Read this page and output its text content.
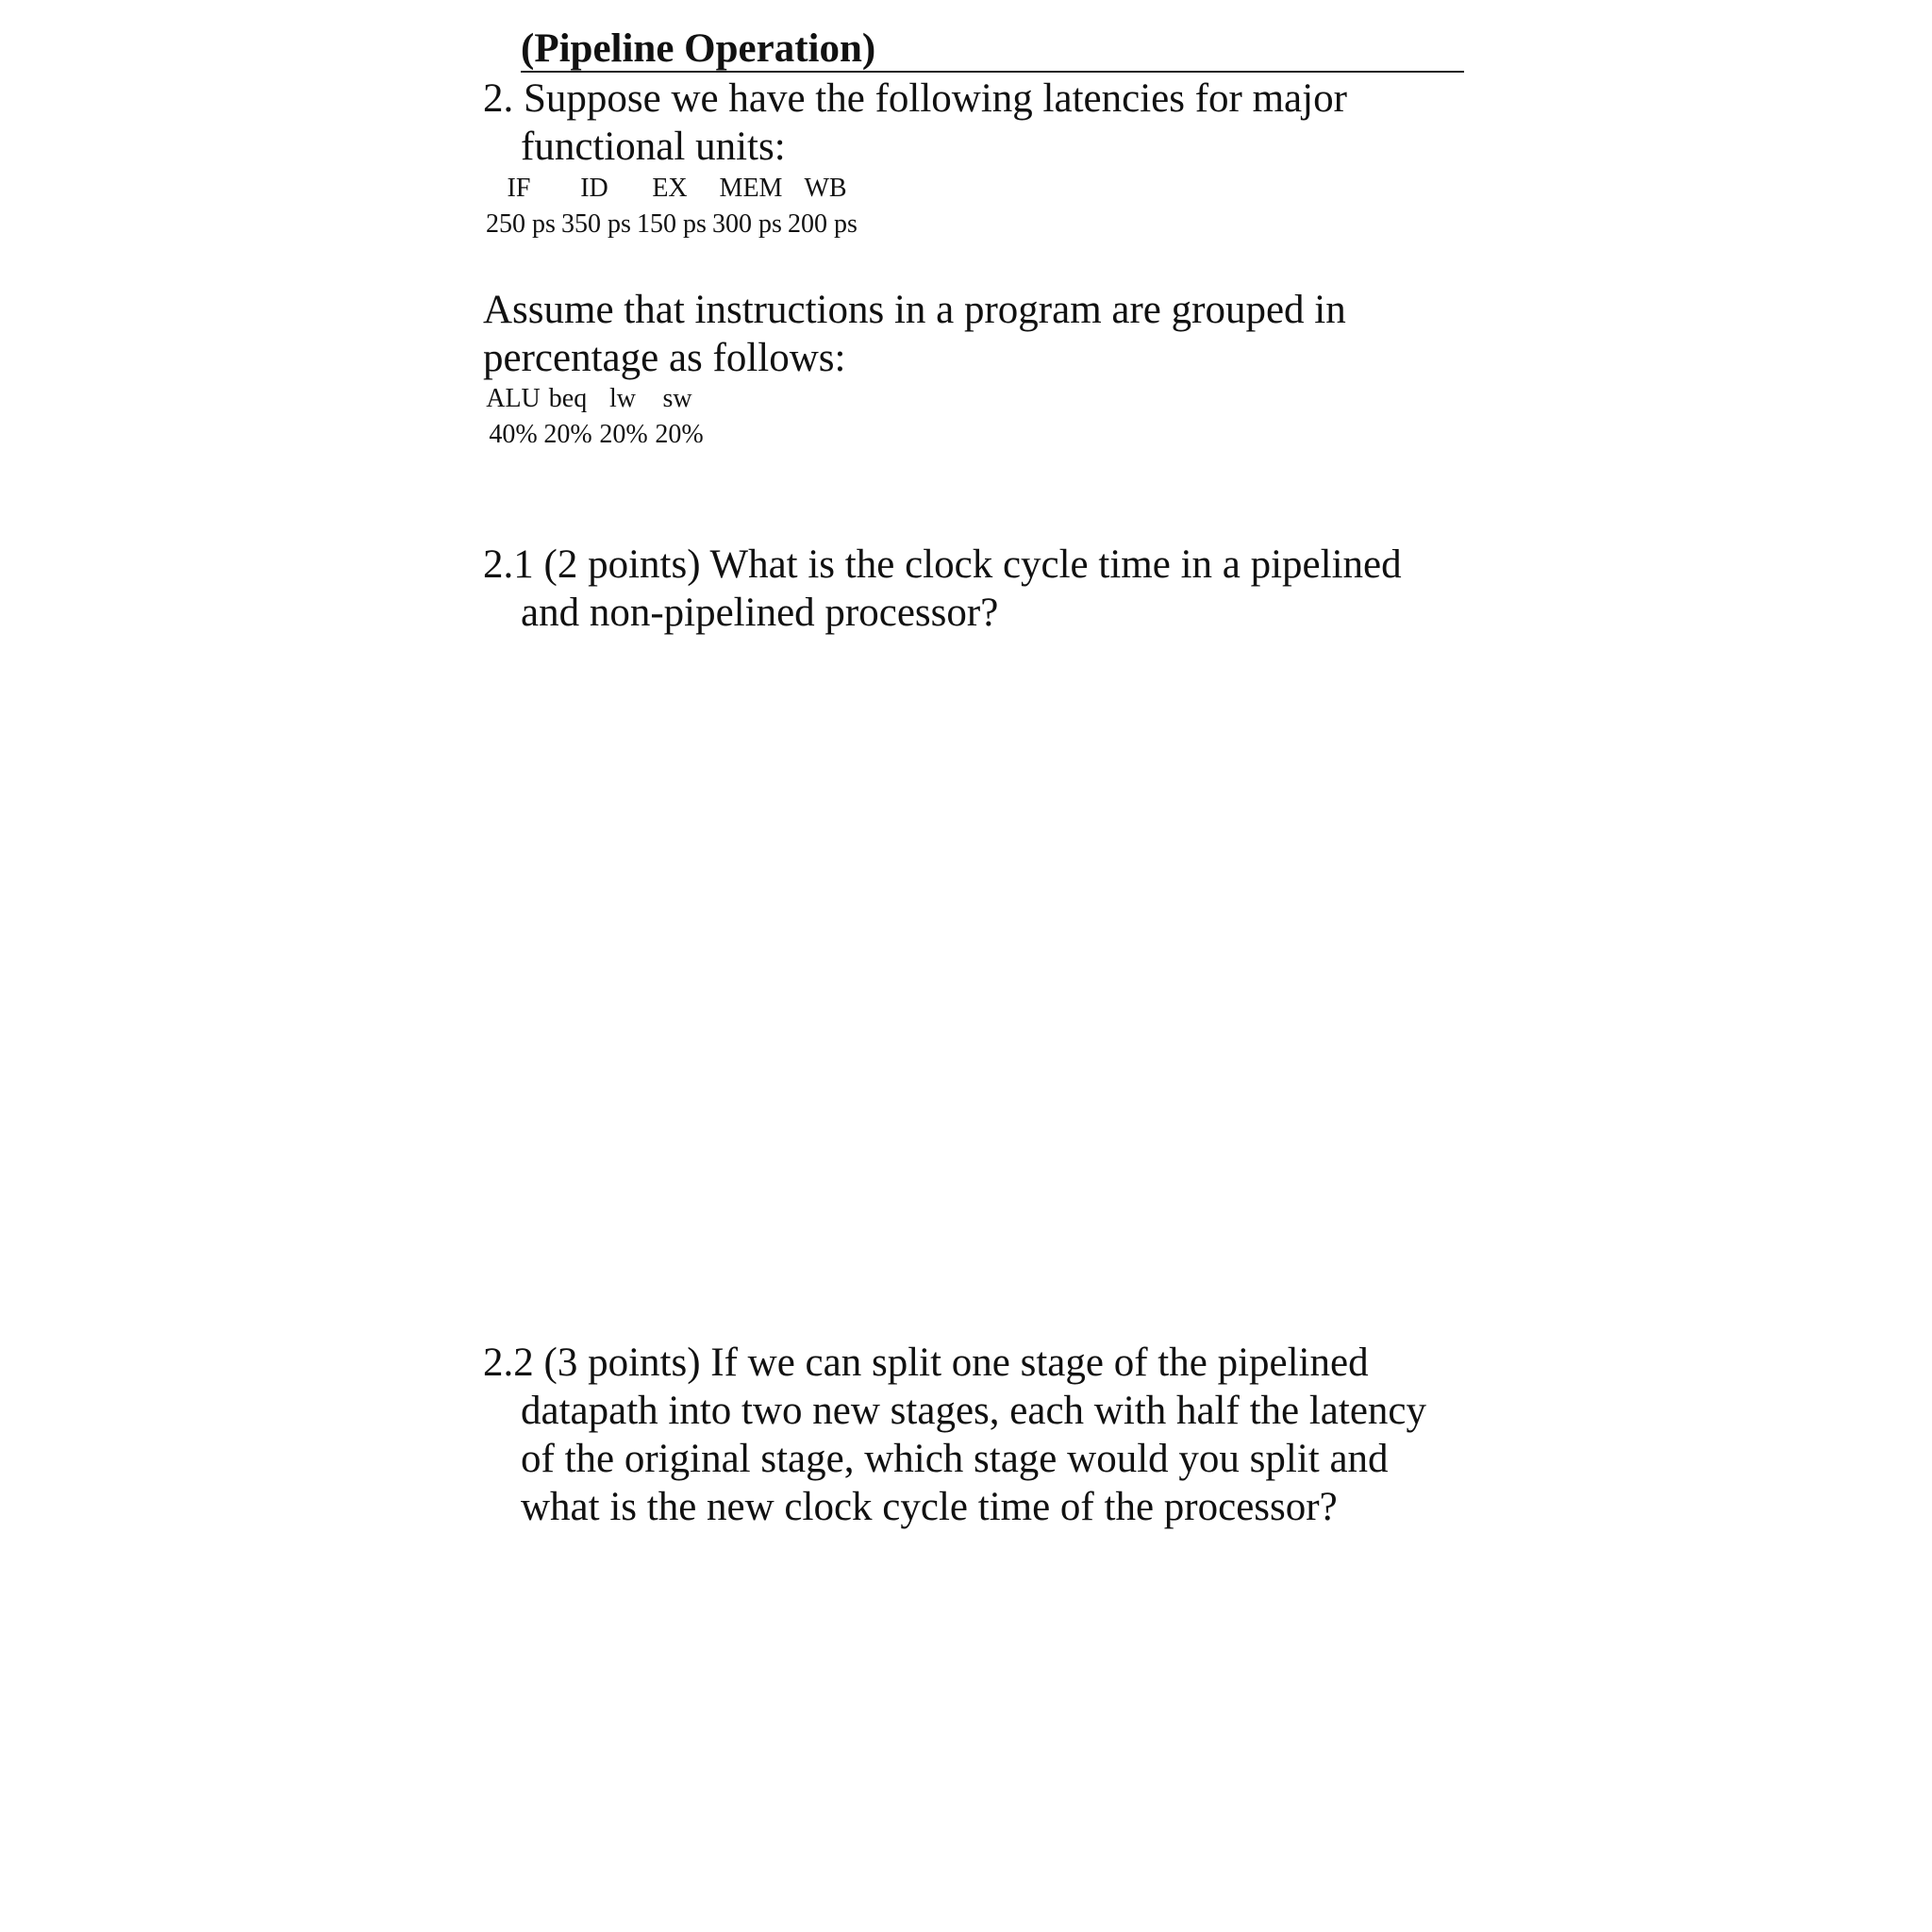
(Pipeline Operation)
2. Suppose we have the following latencies for major
functional units:
IF ID EX MEM WB
250 ps 350 ps 150 ps 300 ps 200 ps
Assume that instructions in a program are grouped in
percentage as follows:
ALU beq lw	sw
40% 20% 20% 20%
2.1 (2 points) What is the clock cycle time in a pipelined
and non-pipelined processor?
2.2 (3 points) If we can split one stage of the pipelined
datapath into two new stages, each with half the latency
of the original stage, which stage would you split and
what is the new clock cycle time of the processor?
